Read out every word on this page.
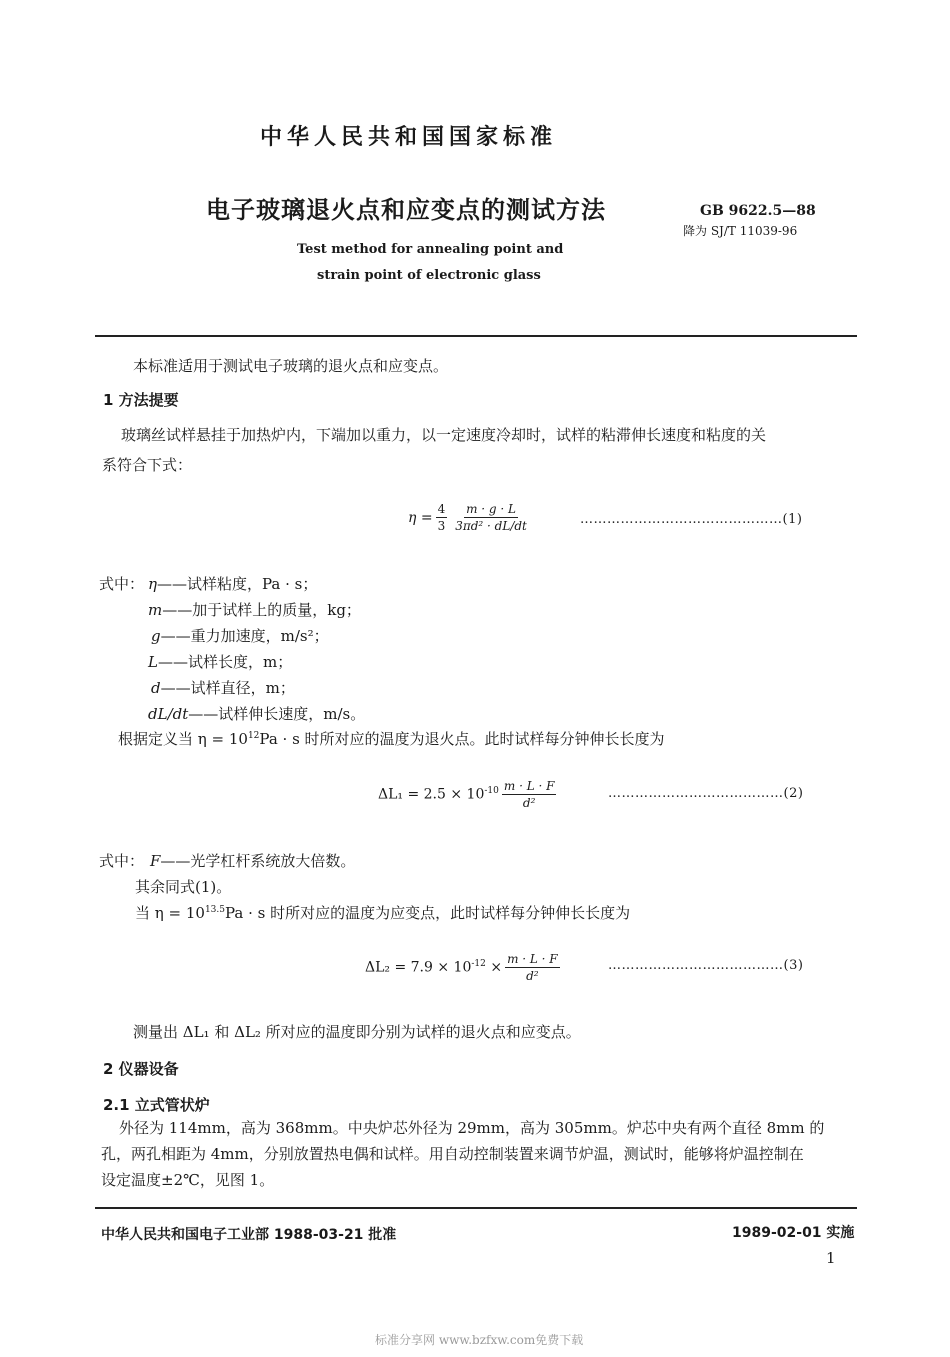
中华人民共和国国家标准
电子玻璃退火点和应变点的测试方法	GB 9622.5—88
降为 SJ/T 11039-96
Test method for annealing point and
strain point of electronic glass
本标准适用于测试电子玻璃的退火点和应变点。
1 方法提要
玻璃丝试样悬挂于加热炉内，下端加以重力，以一定速度冷却时，试样的粘滞伸长速度和粘度的关
系符合下式：
$\eta = \frac{4}{3} \frac{m \cdot g \cdot L}{\text{3πd² · dL/dt}}$	………………………………………(1)
式中： η——试样粘度，Pa · s；
m——加于试样上的质量，kg；
g——重力加速度，m/s²；
L——试样长度，m；
d——试样直径，m；
dL/dt——试样伸长速度，m/s。
根据定义当 $\eta = 10^{12}Pa \cdot s$ 时所对应的温度为退火点。此时试样每分钟伸长长度为
$\Delta L_1 = 2.5 \times 10^{-10} \frac{m \cdot L \cdot F}{\text{d²}}$	…………………………………(2)
式中： F——光学杠杆系统放大倍数。
其余同式(1)。
当 $\eta = 10^{13.5}Pa \cdot s$ 时所对应的温度为应变点，此时试样每分钟伸长长度为
$\Delta L_2 = 7.9 \times 10^{-12} \times \frac{m \cdot L \cdot F}{\text{d²}}$	…………………………………(3)
测量出 ΔL₁ 和 ΔL₂ 所对应的温度即分别为试样的退火点和应变点。
2 仪器设备
2.1 立式管状炉
外径为 114mm，高为 368mm。中央炉芯外径为 29mm，高为 305mm。炉芯中央有两个直径 8mm 的
孔，两孔相距为 4mm，分别放置热电偶和试样。用自动控制装置来调节炉温，测试时，能够将炉温控制在
设定温度±2℃，见图 1。
中华人民共和国电子工业部 1988-03-21 批准	1989-02-01 实施
1
标准分享网 www.bzfxw.com免费下载
